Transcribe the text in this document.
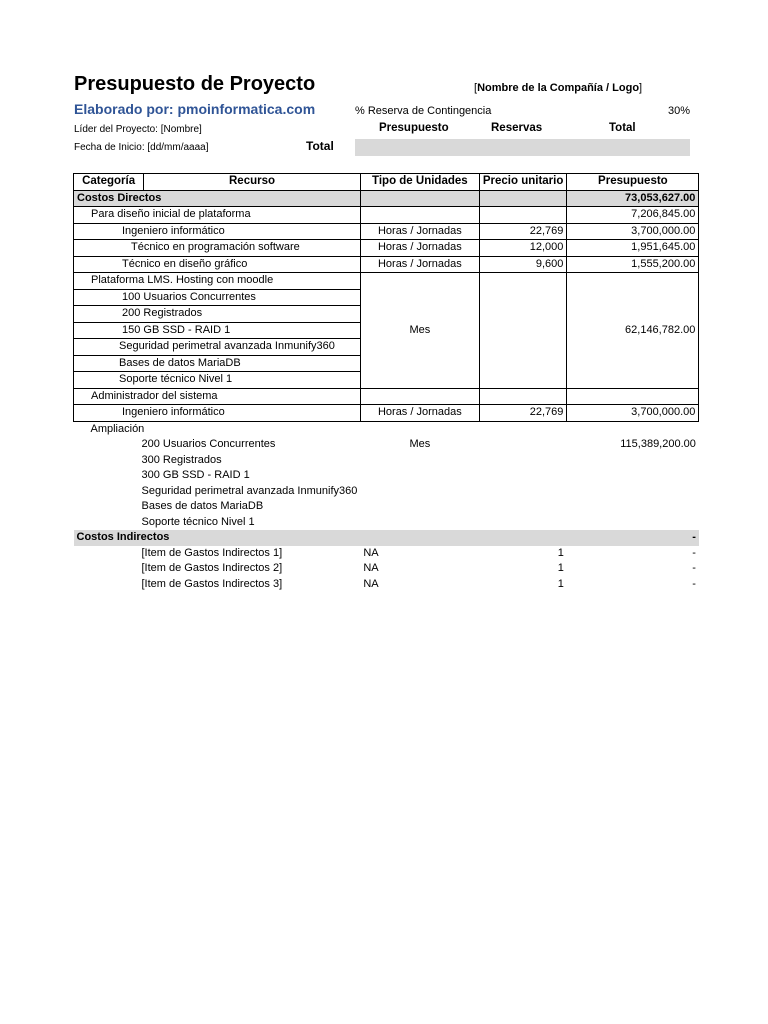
Presupuesto de Proyecto
Elaborado por: pmoinformatica.com
[Nombre de la Compañía / Logo]
% Reserva de Contingencia	30%
Presupuesto	Reservas	Total
Líder del Proyecto: [Nombre]
Fecha de Inicio: [dd/mm/aaaa]	Total
Categoría	Recurso	Tipo de Unidades	Precio unitario	Presupuesto
Costos Directos				73,053,627.00
Para diseño inicial de plataforma				7,206,845.00
Ingeniero informático		Horas / Jornadas	22,769	3,700,000.00
Técnico en programación software		Horas / Jornadas	12,000	1,951,645.00
Técnico en diseño gráfico		Horas / Jornadas	9,600	1,555,200.00
Plataforma LMS. Hosting con moodle		Mes		62,146,782.00
100 Usuarios Concurrentes				
200 Registrados				
150 GB SSD - RAID 1				
Seguridad perimetral avanzada Inmunify360				
Bases de datos MariaDB				
Soporte técnico Nivel 1				
Administrador del sistema				
Ingeniero informático		Horas / Jornadas	22,769	3,700,000.00
Ampliación				
200 Usuarios Concurrentes		Mes		115,389,200.00
300 Registrados				
300 GB SSD - RAID 1				
Seguridad perimetral avanzada Inmunify360				
Bases de datos MariaDB				
Soporte técnico Nivel 1				
Costos Indirectos				-
[Item de Gastos Indirectos 1]		NA	1	-
[Item de Gastos Indirectos 2]		NA	1	-
[Item de Gastos Indirectos 3]		NA	1	-
